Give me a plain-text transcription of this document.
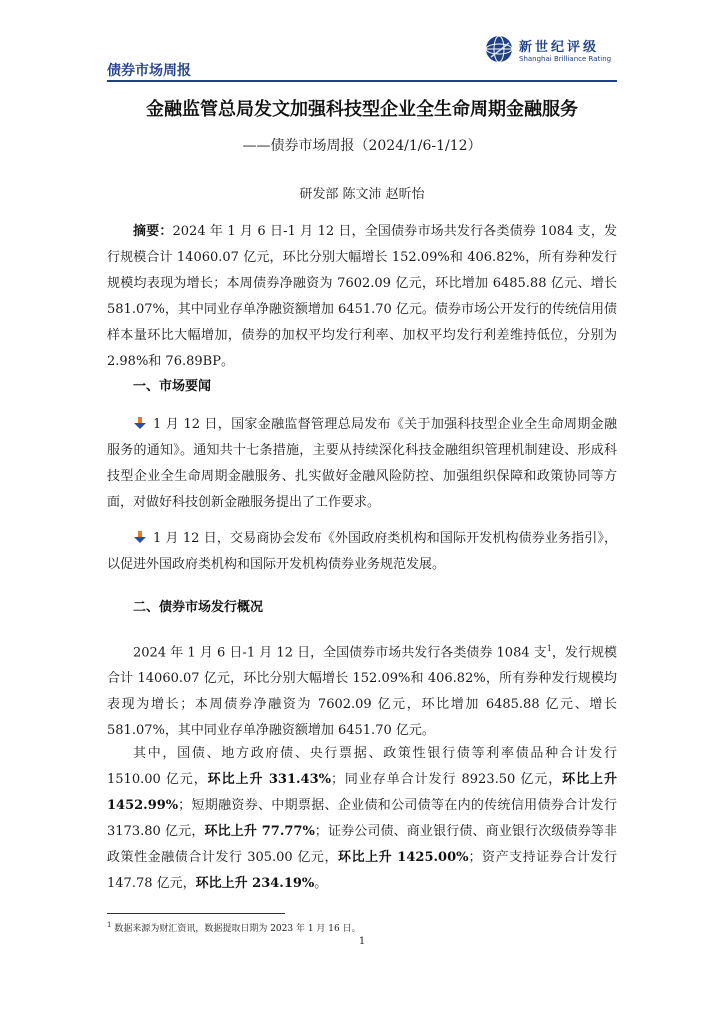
债券市场周报
新世纪评级
Shanghai Brilliance Rating
金融监管总局发文加强科技型企业全生命周期金融服务
——债券市场周报（2024/1/6-1/12）
研发部 陈文沛 赵昕怡
摘要：2024 年 1 月 6 日-1 月 12 日，全国债券市场共发行各类债券 1084 支，发行规模合计 14060.07 亿元，环比分别大幅增长 152.09%和 406.82%，所有券种发行规模均表现为增长；本周债券净融资为 7602.09 亿元，环比增加 6485.88 亿元、增长 581.07%，其中同业存单净融资额增加 6451.70 亿元。债券市场公开发行的传统信用债样本量环比大幅增加，债券的加权平均发行利率、加权平均发行利差维持低位，分别为 2.98%和 76.89BP。
一、市场要闻
1 月 12 日，国家金融监督管理总局发布《关于加强科技型企业全生命周期金融服务的通知》。通知共十七条措施，主要从持续深化科技金融组织管理机制建设、形成科技型企业全生命周期金融服务、扎实做好金融风险防控、加强组织保障和政策协同等方面，对做好科技创新金融服务提出了工作要求。
1 月 12 日，交易商协会发布《外国政府类机构和国际开发机构债券业务指引》，以促进外国政府类机构和国际开发机构债券业务规范发展。
二、债券市场发行概况
2024 年 1 月 6 日-1 月 12 日，全国债券市场共发行各类债券 1084 支$^1$，发行规模合计 14060.07 亿元，环比分别大幅增长 152.09%和 406.82%，所有券种发行规模均表现为增长；本周债券净融资为 7602.09 亿元，环比增加 6485.88 亿元、增长 581.07%，其中同业存单净融资额增加 6451.70 亿元。
其中，国债、地方政府债、央行票据、政策性银行债等利率债品种合计发行 1510.00 亿元，环比上升 331.43%；同业存单合计发行 8923.50 亿元，环比上升 1452.99%；短期融资券、中期票据、企业债和公司债等在内的传统信用债券合计发行 3173.80 亿元，环比上升 77.77%；证券公司债、商业银行债、商业银行次级债券等非政策性金融债合计发行 305.00 亿元，环比上升 1425.00%；资产支持证券合计发行 147.78 亿元，环比上升 234.19%。
$^1$ 数据来源为财汇资讯，数据提取日期为 2023 年 1 月 16 日。
1
